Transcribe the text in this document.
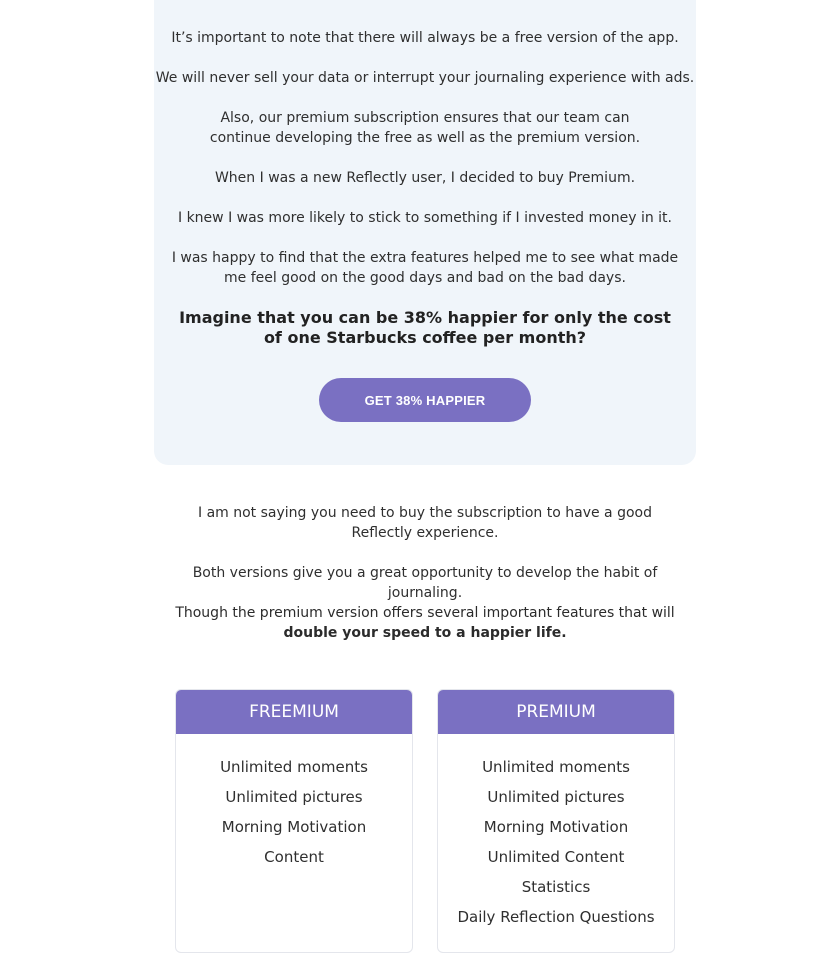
It’s important to note that there will always be a free version of the app.

We will never sell your data or interrupt your journaling experience with ads.

Also, our premium subscription ensures that our team can continue developing the free as well as the premium version.

When I was a new Reflectly user, I decided to buy Premium.

I knew I was more likely to stick to something if I invested money in it.

I was happy to find that the extra features helped me to see what made me feel good on the good days and bad on the bad days.

Imagine that you can be 38% happier for only the cost

of one Starbucks coffee per month?

GET 38% HAPPIER

I am not saying you need to buy the subscription to have a good Reflectly experience.

Both versions give you a great opportunity to develop the habit of journaling.

Though the premium version offers several important features that will double your speed to a happier life.

FREEMIUM
Unlimited moments
Unlimited pictures
Morning Motivation
Content
PREMIUM
Unlimited moments
Unlimited pictures
Morning Motivation
Unlimited Content
Statistics
Daily Reflection Questions
